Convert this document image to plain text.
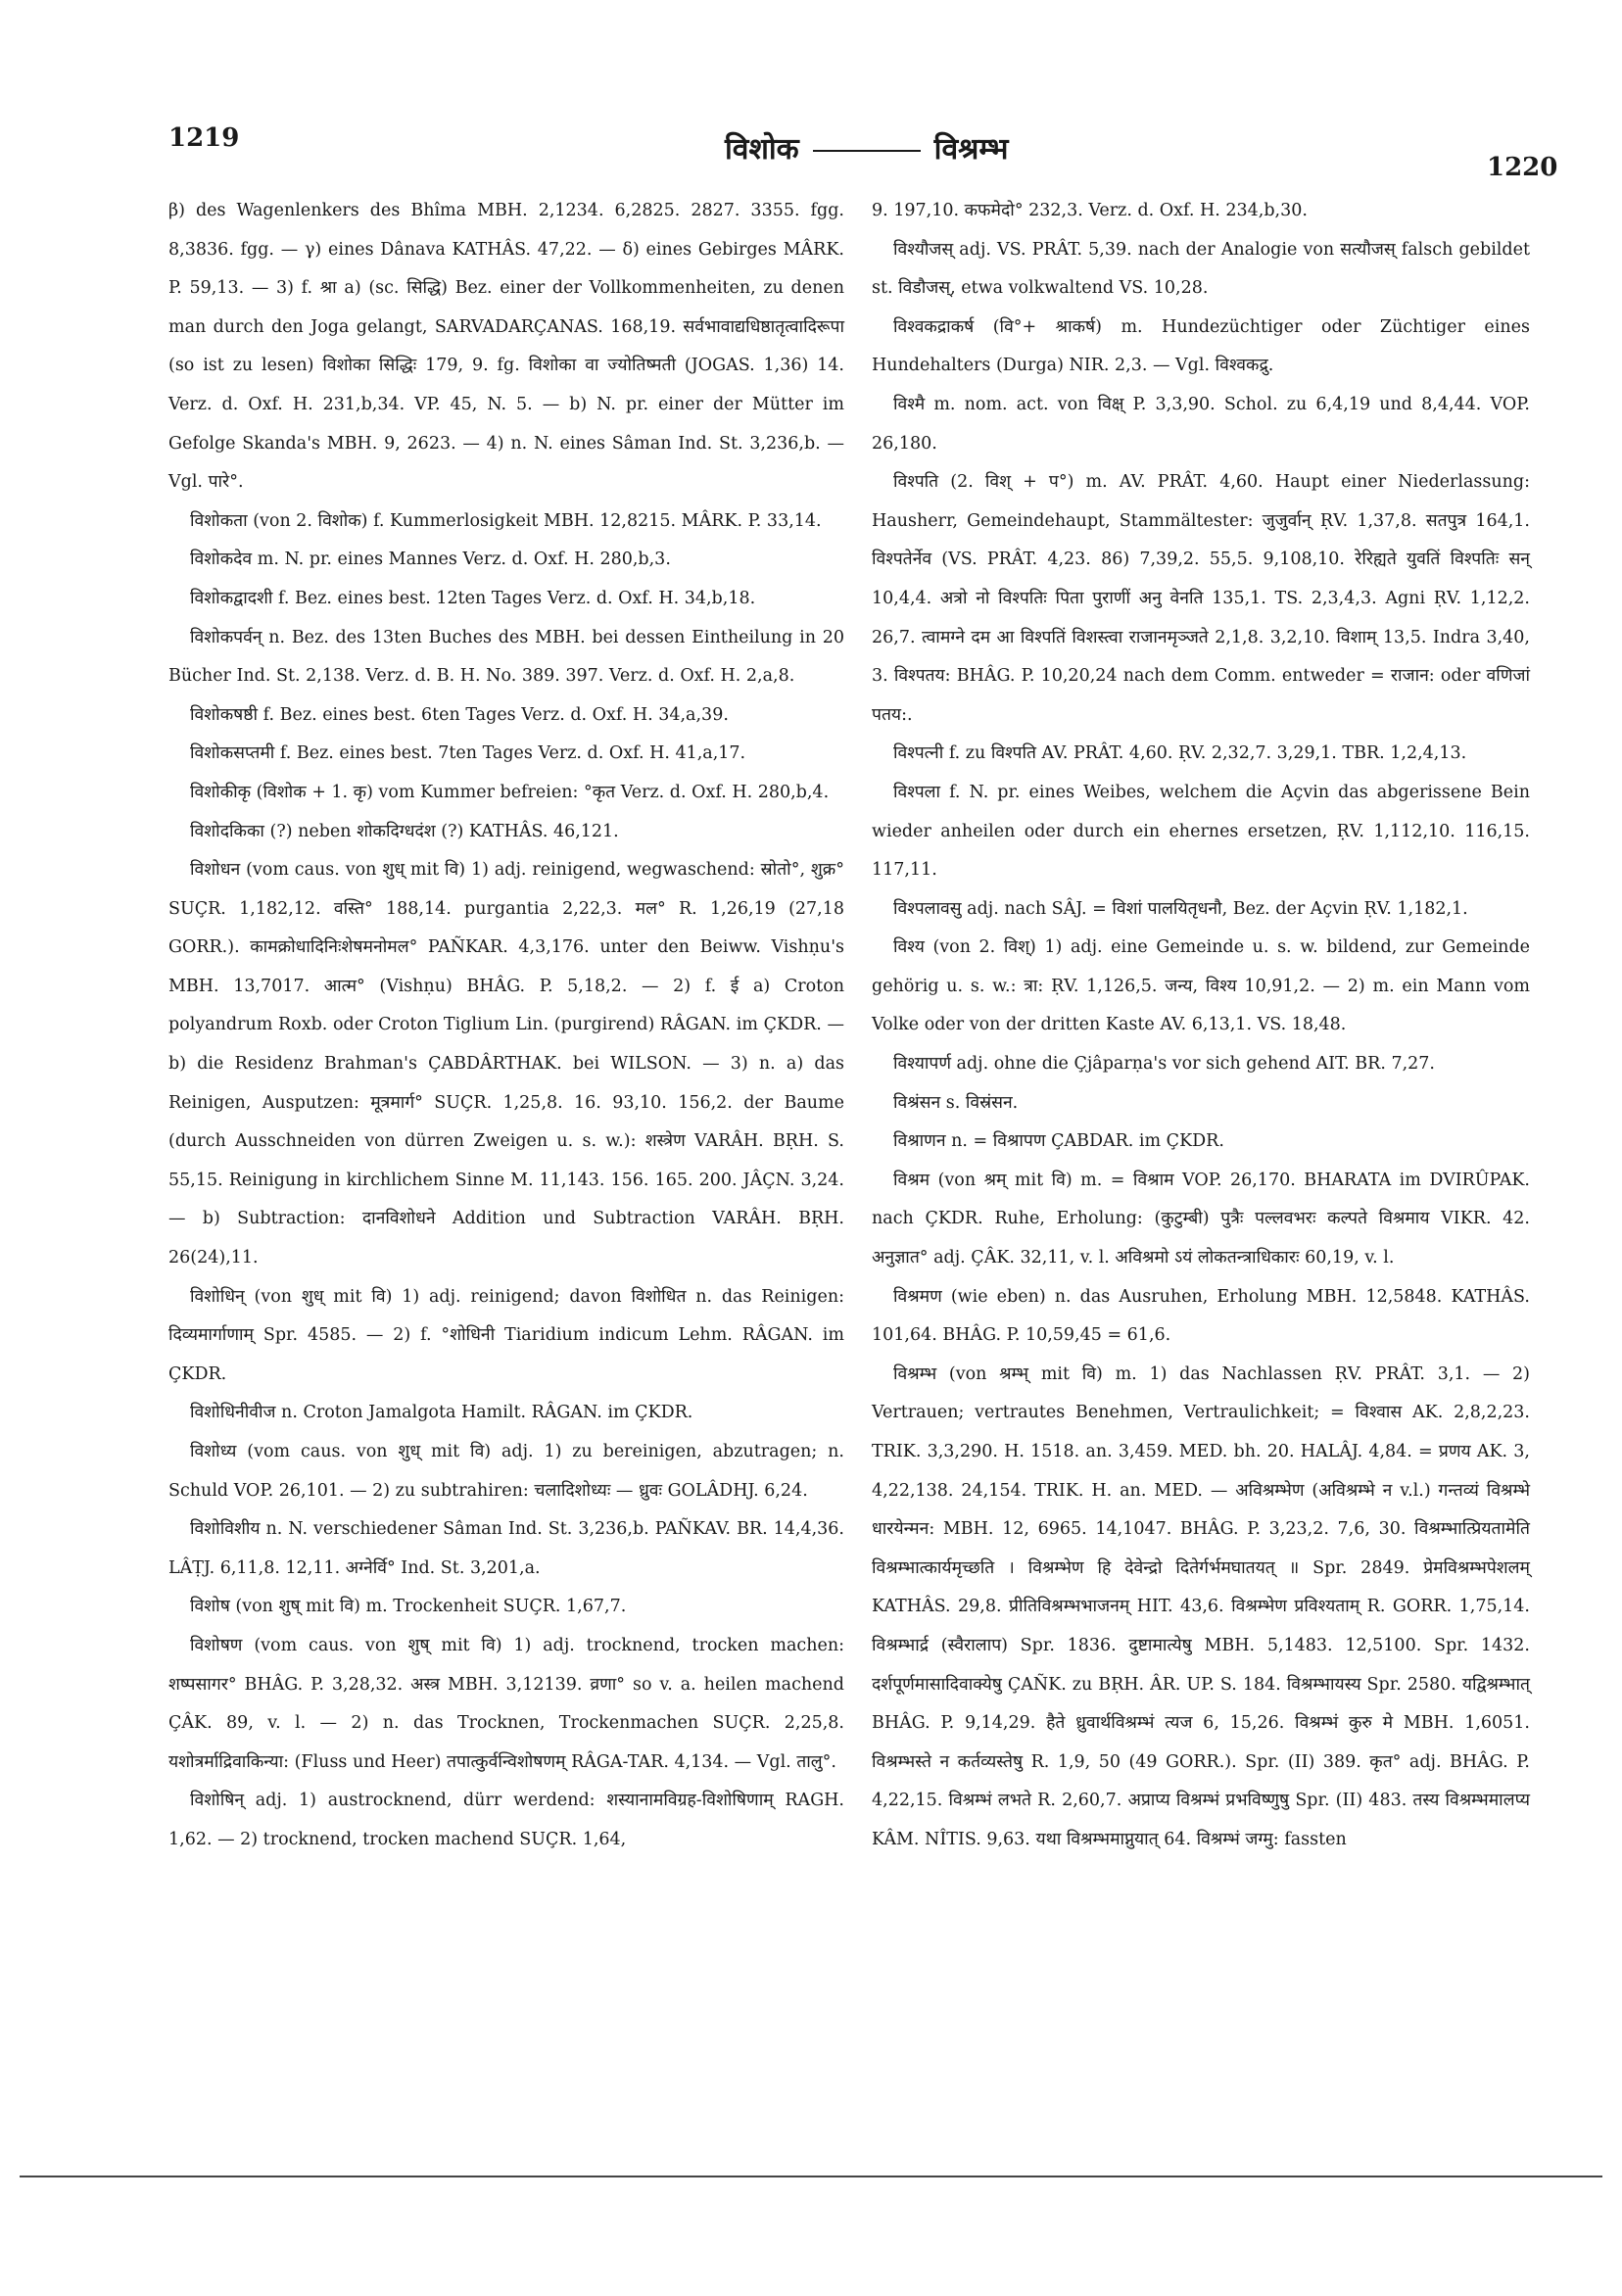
1219	विशोक	विश्रम्भ
1220

β) des Wagenlenkers des Bhîma MBH. 2,1234. 6,2825. 2827. 3355. fgg. 8,3836. fgg. — γ) eines Dânava KATHÂS. 47,22. — δ) eines Gebirges MÂRK. P. 59,13. — 3) f. श्रा a) (sc. सिद्धि) Bez. einer der Vollkommenheiten, zu denen man durch den Joga gelangt, SARVADARÇANAS. 168,19. सर्वभावाद्यधिष्ठातृत्वादिरूपा (so ist zu lesen) विशोका सिद्धिः 179, 9. fg. विशोका वा ज्योतिष्मती (JOGAS. 1,36) 14. Verz. d. Oxf. H. 231,b,34. VP. 45, N. 5. — b) N. pr. einer der Mütter im Gefolge Skanda's MBH. 9, 2623. — 4) n. N. eines Sâman Ind. St. 3,236,b. — Vgl. पारे°.

विशोकता (von 2. विशोक) f. Kummerlosigkeit MBH. 12,8215. MÂRK. P. 33,14.

विशोकदेव m. N. pr. eines Mannes Verz. d. Oxf. H. 280,b,3.

विशोकद्वादशी f. Bez. eines best. 12ten Tages Verz. d. Oxf. H. 34,b,18.

विशोकपर्वन् n. Bez. des 13ten Buches des MBH. bei dessen Eintheilung in 20 Bücher Ind. St. 2,138. Verz. d. B. H. No. 389. 397. Verz. d. Oxf. H. 2,a,8.

विशोकषष्ठी f. Bez. eines best. 6ten Tages Verz. d. Oxf. H. 34,a,39.

विशोकसप्तमी f. Bez. eines best. 7ten Tages Verz. d. Oxf. H. 41,a,17.

विशोकीकृ (विशोक + 1. कृ) vom Kummer befreien: °कृत Verz. d. Oxf. H. 280,b,4.

विशोदकिका (?) neben शोकदिग्धदंश (?) KATHÂS. 46,121.

विशोधन (vom caus. von शुध् mit वि) 1) adj. reinigend, wegwaschend: स्रोतो°, शुक्र° SUÇR. 1,182,12. वस्ति° 188,14. purgantia 2,22,3. मल° R. 1,26,19 (27,18 GORR.). कामक्रोधादिनिःशेषमनोमल° PAÑKAR. 4,3,176. unter den Beiww. Vishṇu's MBH. 13,7017. आत्म° (Vishṇu) BHÂG. P. 5,18,2. — 2) f. ई a) Croton polyandrum Roxb. oder Croton Tiglium Lin. (purgirend) RÂGAN. im ÇKDR. — b) die Residenz Brahman's ÇABDÂRTHAK. bei WILSON. — 3) n. a) das Reinigen, Ausputzen: मूत्रमार्ग° SUÇR. 1,25,8. 16. 93,10. 156,2. der Baume (durch Ausschneiden von dürren Zweigen u. s. w.): शस्त्रेण VARÂH. BṚH. S. 55,15. Reinigung in kirchlichem Sinne M. 11,143. 156. 165. 200. JÂÇN. 3,24. — b) Subtraction: दानविशोधने Addition und Subtraction VARÂH. BṚH. 26(24),11.

विशोधिन् (von शुध् mit वि) 1) adj. reinigend; davon विशोधित n. das Reinigen: दिव्यमार्गाणाम् Spr. 4585. — 2) f. °शोधिनी Tiaridium indicum Lehm. RÂGAN. im ÇKDR.

विशोधिनीवीज n. Croton Jamalgota Hamilt. RÂGAN. im ÇKDR.

विशोध्य (vom caus. von शुध् mit वि) adj. 1) zu bereinigen, abzutragen; n. Schuld VOP. 26,101. — 2) zu subtrahiren: चलादिशोध्यः — ध्रुवः GOLÂDHJ. 6,24.

विशोविशीय n. N. verschiedener Sâman Ind. St. 3,236,b. PAÑKAV. BR. 14,4,36. LÂṬJ. 6,11,8. 12,11. अग्नेर्वि° Ind. St. 3,201,a.

विशोष (von शुष् mit वि) m. Trockenheit SUÇR. 1,67,7.

विशोषण (vom caus. von शुष् mit वि) 1) adj. trocknend, trocken machen: शष्पसागर° BHÂG. P. 3,28,32. अस्त्र MBH. 3,12139. व्रणा° so v. a. heilen machend ÇÂK. 89, v. l. — 2) n. das Trocknen, Trockenmachen SUÇR. 2,25,8. यशोत्रर्माद्रिवाकिन्या: (Fluss und Heer) तपात्कुर्वन्विशोषणम् RÂGA-TAR. 4,134. — Vgl. तालु°.

विशोषिन् adj. 1) austrocknend, dürr werdend: शस्यानामविग्रह-विशोषिणाम् RAGH. 1,62. — 2) trocknend, trocken machend SUÇR. 1,64,

9. 197,10. कफमेदो° 232,3. Verz. d. Oxf. H. 234,b,30.

विश्यौजस् adj. VS. PRÂT. 5,39. nach der Analogie von सत्यौजस् falsch gebildet st. विडौजस्, etwa volkwaltend VS. 10,28.

विश्वकद्राकर्ष (वि°+ श्राकर्ष) m. Hundezüchtiger oder Züchtiger eines Hundehalters (Durga) NIR. 2,3. — Vgl. विश्वकद्रु.

विश्मै m. nom. act. von विक्ष् P. 3,3,90. Schol. zu 6,4,19 und 8,4,44. VOP. 26,180.

विश्पति (2. विश् + प°) m. AV. PRÂT. 4,60. Haupt einer Niederlassung: Hausherr, Gemeindehaupt, Stammältester: जुजुर्वान् ṚV. 1,37,8. सतपुत्र 164,1. विश्पतेर्नेव (VS. PRÂT. 4,23. 86) 7,39,2. 55,5. 9,108,10. रेरिह्यते युवतिं विश्पतिः सन् 10,4,4. अत्रो नो विश्पतिः पिता पुराणीं अनु वेनति 135,1. TS. 2,3,4,3. Agni ṚV. 1,12,2. 26,7. त्वामग्ने दम आ विश्पतिं विशस्त्वा राजानमृञ्जते 2,1,8. 3,2,10. विशाम् 13,5. Indra 3,40, 3. विश्पतय: BHÂG. P. 10,20,24 nach dem Comm. entweder = राजान: oder वणिजां पतय:.

विश्पत्नी f. zu विश्पति AV. PRÂT. 4,60. ṚV. 2,32,7. 3,29,1. TBR. 1,2,4,13.

विश्पला f. N. pr. eines Weibes, welchem die Açvin das abgerissene Bein wieder anheilen oder durch ein ehernes ersetzen, ṚV. 1,112,10. 116,15. 117,11.

विश्पलावसु adj. nach SÂJ. = विशां पालयितृधनौ, Bez. der Açvin ṚV. 1,182,1.

विश्य (von 2. विश्) 1) adj. eine Gemeinde u. s. w. bildend, zur Gemeinde gehörig u. s. w.: त्रा: ṚV. 1,126,5. जन्य, विश्य 10,91,2. — 2) m. ein Mann vom Volke oder von der dritten Kaste AV. 6,13,1. VS. 18,48.

विश्यापर्ण adj. ohne die Çjâparṇa's vor sich gehend AIT. BR. 7,27.

विश्रंसन s. विस्रंसन.

विश्राणन n. = विश्रापण ÇABDAR. im ÇKDR.

विश्रम (von श्रम् mit वि) m. = विश्राम VOP. 26,170. BHARATA im DVIRÛPAK. nach ÇKDR. Ruhe, Erholung: (कुटुम्बी) पुत्रैः पल्लवभरः कल्पते विश्रमाय VIKR. 42. अनुज्ञात° adj. ÇÂK. 32,11, v. l. अविश्रमो ऽयं लोकतन्त्राधिकारः 60,19, v. l.

विश्रमण (wie eben) n. das Ausruhen, Erholung MBH. 12,5848. KATHÂS. 101,64. BHÂG. P. 10,59,45 = 61,6.

विश्रम्भ (von श्रम्भ् mit वि) m. 1) das Nachlassen ṚV. PRÂT. 3,1. — 2) Vertrauen; vertrautes Benehmen, Vertraulichkeit; = विश्वास AK. 2,8,2,23. TRIK. 3,3,290. H. 1518. an. 3,459. MED. bh. 20. HALÂJ. 4,84. = प्रणय AK. 3, 4,22,138. 24,154. TRIK. H. an. MED. — अविश्रम्भेण (अविश्रम्भे न v.l.) गन्तव्यं विश्रम्भे धारयेन्मन: MBH. 12, 6965. 14,1047. BHÂG. P. 3,23,2. 7,6, 30. विश्रम्भात्प्रियतामेति विश्रम्भात्कार्यमृच्छति । विश्रम्भेण हि देवेन्द्रो दितेर्गर्भमघातयत् ॥ Spr. 2849. प्रेमविश्रम्भपेशलम् KATHÂS. 29,8. प्रीतिविश्रम्भभाजनम् HIT. 43,6. विश्रम्भेण प्रविश्यताम् R. GORR. 1,75,14. विश्रम्भार्द्र (स्वैरालाप) Spr. 1836. दुष्टामात्येषु MBH. 5,1483. 12,5100. Spr. 1432. दर्शपूर्णमासादिवाक्येषु ÇAÑK. zu BṚH. ÂR. UP. S. 184. विश्रम्भायस्य Spr. 2580. यद्विश्रम्भात् BHÂG. P. 9,14,29. हैते ध्रुवार्थविश्रम्भं त्यज 6, 15,26. विश्रम्भं कुरु मे MBH. 1,6051. विश्रम्भस्ते न कर्तव्यस्तेषु R. 1,9, 50 (49 GORR.). Spr. (II) 389. कृत° adj. BHÂG. P. 4,22,15. विश्रम्भं लभते R. 2,60,7. अप्राप्य विश्रम्भं प्रभविष्णुषु Spr. (II) 483. तस्य विश्रम्भमालप्य KÂM. NÎTIS. 9,63. यथा विश्रम्भमाप्नुयात् 64. विश्रम्भं जग्मु: fassten
